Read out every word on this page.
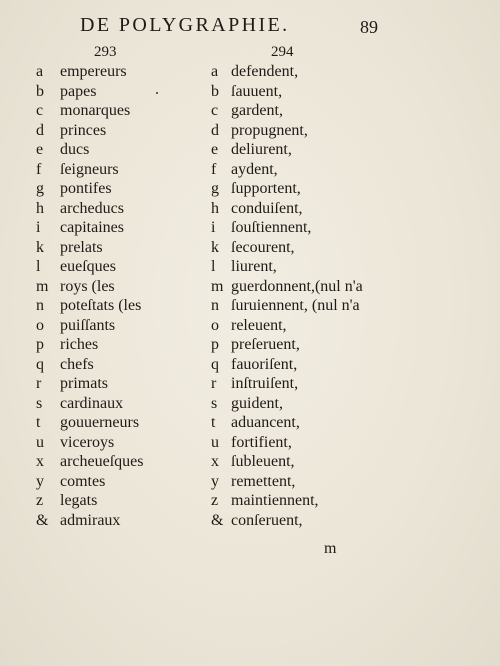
DE POLYGRAPHIE.	89
293	294
a empereurs	a defendent,
b papes	b ſauuent,
c monarques	c gardent,
d princes	d propugnent,
e ducs	e deliurent,
f ſeigneurs	f aydent,
g pontifes	g ſupportent,
h archeducs	h conduiſent,
i capitaines	i ſouſtiennent,
k prelats	k ſecourent,
l eueſques	l liurent,
m roys (les	m guerdonnent,(nul n'a
n poteſtats (les	n ſuruiennent, (nul n'a
o puiſſants	o releuent,
p riches	p preſeruent,
q chefs	q fauoriſent,
r primats	r inſtruiſent,
s cardinaux	s guident,
t gouuerneurs	t aduancent,
u viceroys	u fortifient,
x archeueſques	x ſubleuent,
y comtes	y remettent,
z legats	z maintiennent,
& admiraux	& conſeruent,
m
